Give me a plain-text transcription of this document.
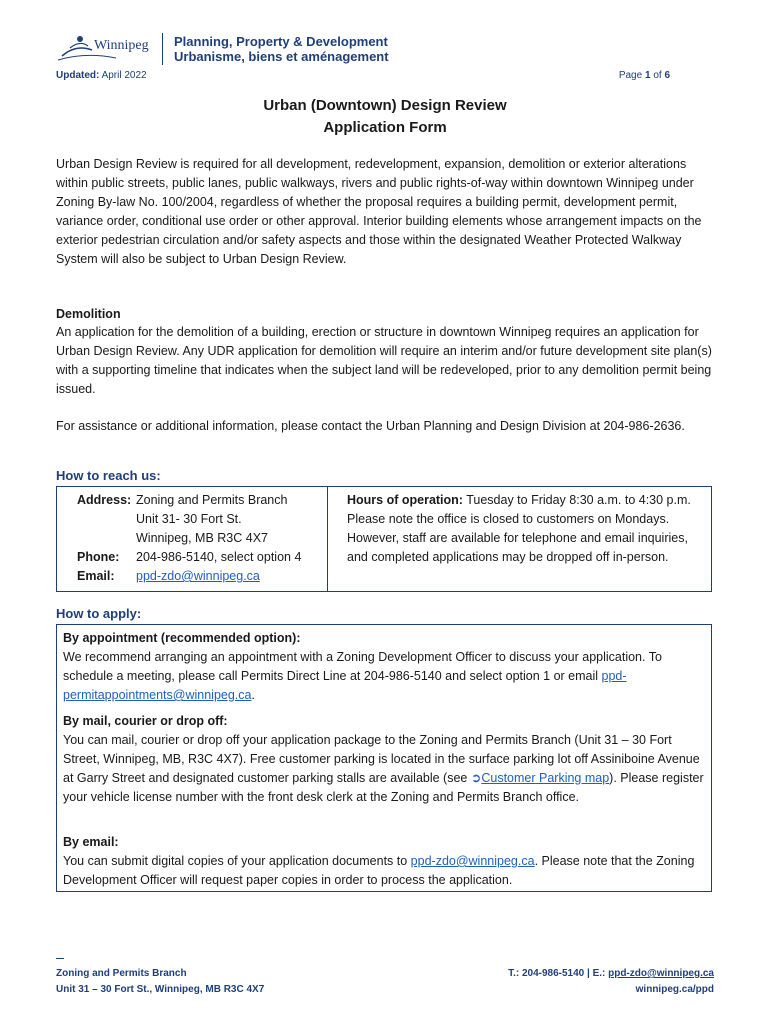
Winnipeg Planning, Property & Development
Urbanisme, biens et aménagement
Updated: April 2022	Page 1 of 6
Urban (Downtown) Design Review
Application Form
Urban Design Review is required for all development, redevelopment, expansion, demolition or exterior alterations within public streets, public lanes, public walkways, rivers and public rights-of-way within downtown Winnipeg under Zoning By-law No. 100/2004, regardless of whether the proposal requires a building permit, development permit, variance order, conditional use order or other approval. Interior building elements whose arrangement impacts on the exterior pedestrian circulation and/or safety aspects and those within the designated Weather Protected Walkway System will also be subject to Urban Design Review.
Demolition
An application for the demolition of a building, erection or structure in downtown Winnipeg requires an application for Urban Design Review. Any UDR application for demolition will require an interim and/or future development site plan(s) with a supporting timeline that indicates when the subject land will be redeveloped, prior to any demolition permit being issued.
For assistance or additional information, please contact the Urban Planning and Design Division at 204-986-2636.
How to reach us:
Address: Zoning and Permits Branch
Unit 31- 30 Fort St.
Winnipeg, MB R3C 4X7
Phone: 204-986-5140, select option 4
Email: ppd-zdo@winnipeg.ca
Hours of operation: Tuesday to Friday 8:30 a.m. to 4:30 p.m. Please note the office is closed to customers on Mondays. However, staff are available for telephone and email inquiries, and completed applications may be dropped off in-person.
How to apply:
By appointment (recommended option):
We recommend arranging an appointment with a Zoning Development Officer to discuss your application. To schedule a meeting, please call Permits Direct Line at 204-986-5140 and select option 1 or email ppd-permitappointments@winnipeg.ca.
By mail, courier or drop off:
You can mail, courier or drop off your application package to the Zoning and Permits Branch (Unit 31 – 30 Fort Street, Winnipeg, MB, R3C 4X7). Free customer parking is located in the surface parking lot off Assiniboine Avenue at Garry Street and designated customer parking stalls are available (see ➲Customer Parking map). Please register your vehicle license number with the front desk clerk at the Zoning and Permits Branch office.
By email:
You can submit digital copies of your application documents to ppd-zdo@winnipeg.ca. Please note that the Zoning Development Officer will request paper copies in order to process the application.
Zoning and Permits Branch
Unit 31 – 30 Fort St., Winnipeg, MB R3C 4X7
T.: 204-986-5140 | E.: ppd-zdo@winnipeg.ca
winnipeg.ca/ppd
